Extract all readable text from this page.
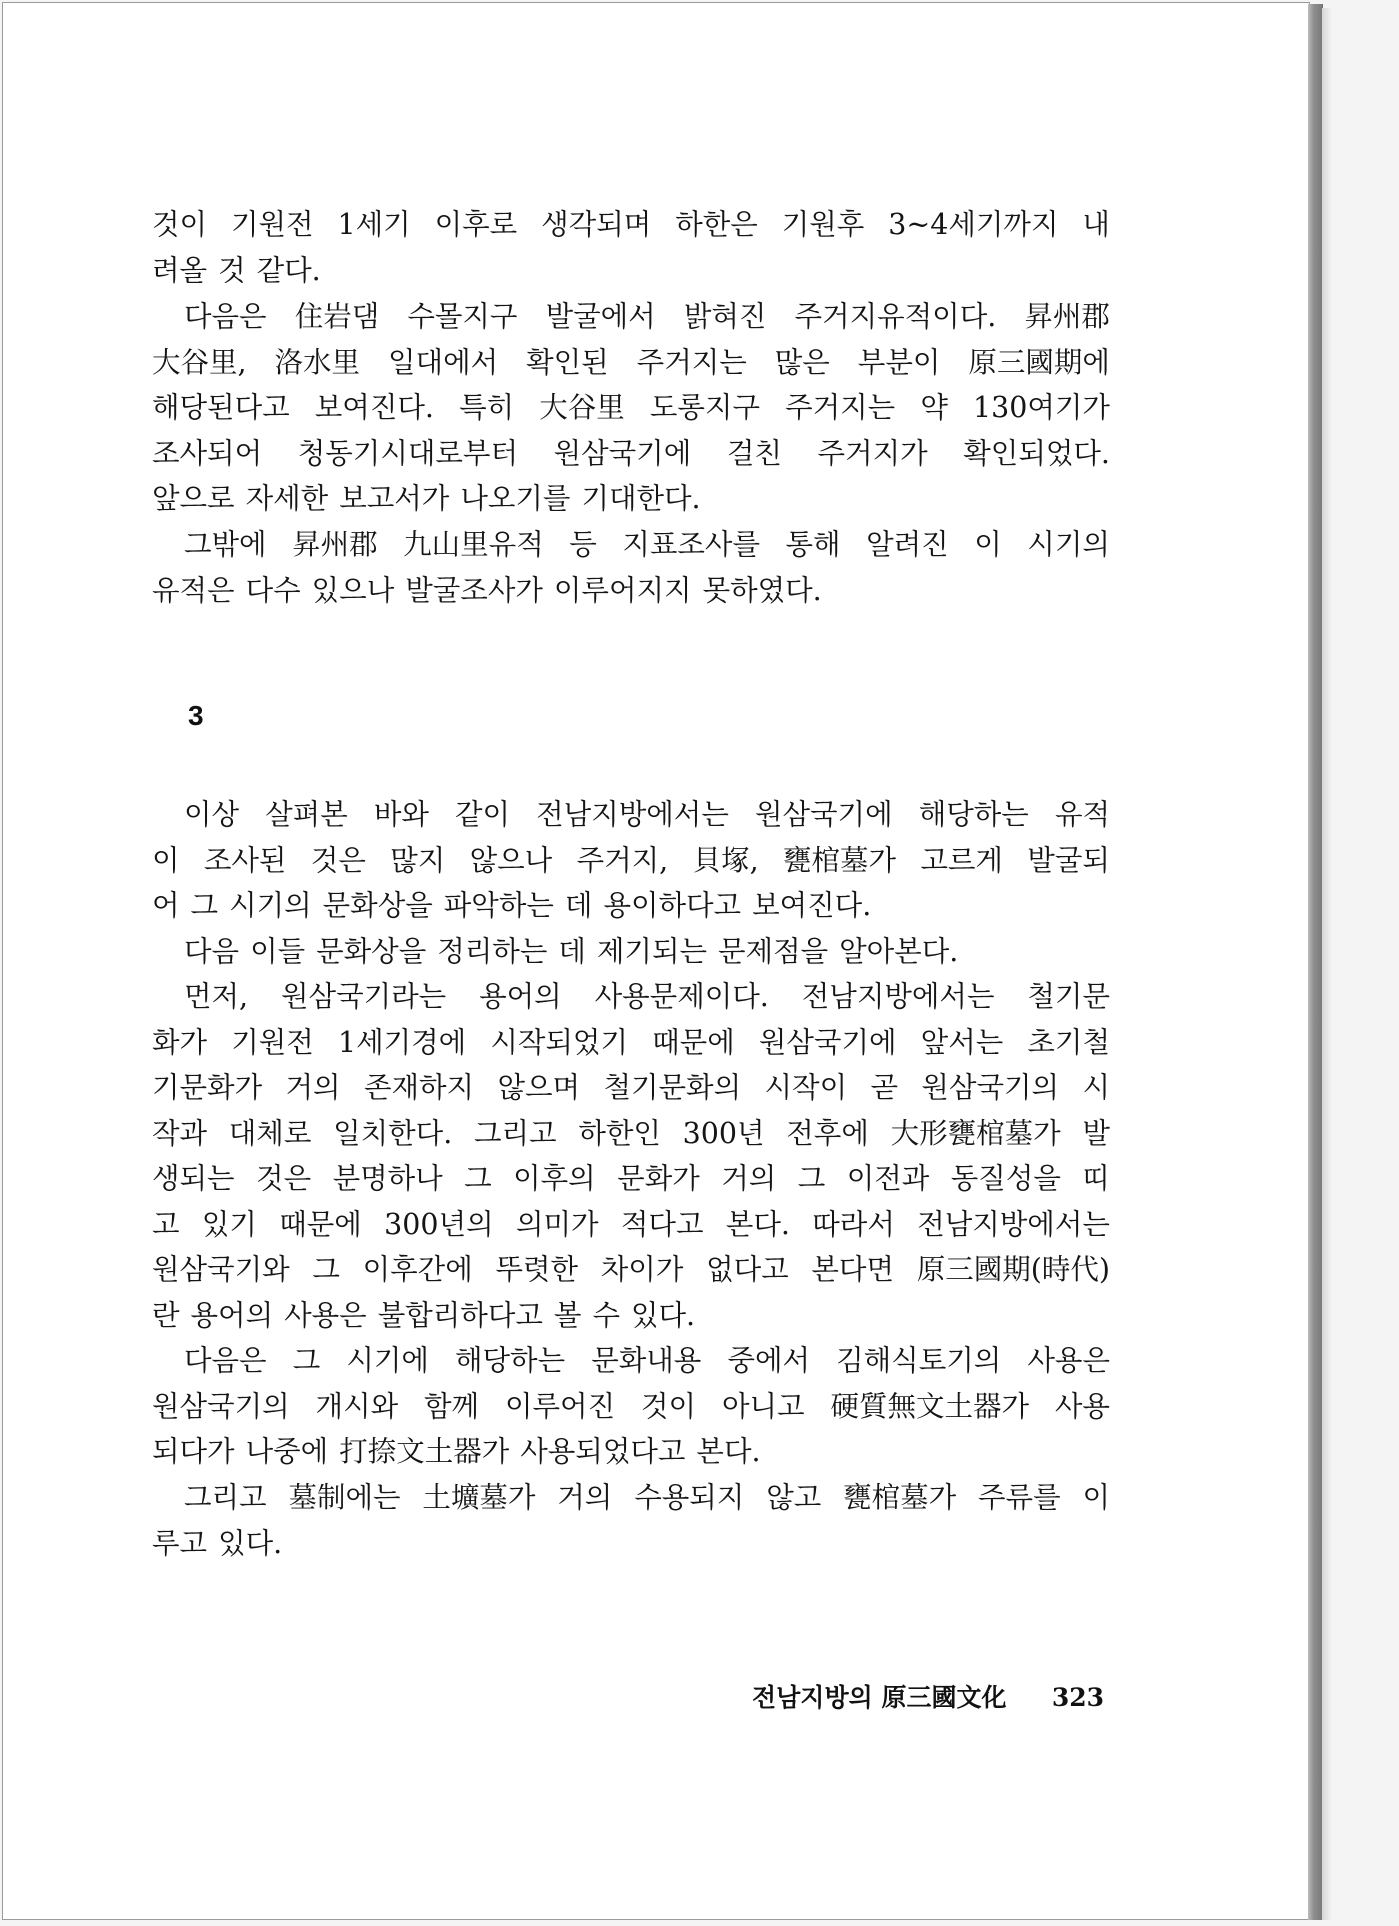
것이 기원전 1세기 이후로 생각되며 하한은 기원후 3~4세기까지 내
려올 것 같다.
다음은 住岩댐 수몰지구 발굴에서 밝혀진 주거지유적이다. 昇州郡
大谷里, 洛水里 일대에서 확인된 주거지는 많은 부분이 原三國期에
해당된다고 보여진다. 특히 大谷里 도롱지구 주거지는 약 130여기가
조사되어 청동기시대로부터 원삼국기에 걸친 주거지가 확인되었다.
앞으로 자세한 보고서가 나오기를 기대한다.
그밖에 昇州郡 九山里유적 등 지표조사를 통해 알려진 이 시기의
유적은 다수 있으나 발굴조사가 이루어지지 못하였다.
3
이상 살펴본 바와 같이 전남지방에서는 원삼국기에 해당하는 유적
이 조사된 것은 많지 않으나 주거지, 貝塚, 甕棺墓가 고르게 발굴되
어 그 시기의 문화상을 파악하는 데 용이하다고 보여진다.
다음 이들 문화상을 정리하는 데 제기되는 문제점을 알아본다.
먼저, 원삼국기라는 용어의 사용문제이다. 전남지방에서는 철기문
화가 기원전 1세기경에 시작되었기 때문에 원삼국기에 앞서는 초기철
기문화가 거의 존재하지 않으며 철기문화의 시작이 곧 원삼국기의 시
작과 대체로 일치한다. 그리고 하한인 300년 전후에 大形甕棺墓가 발
생되는 것은 분명하나 그 이후의 문화가 거의 그 이전과 동질성을 띠
고 있기 때문에 300년의 의미가 적다고 본다. 따라서 전남지방에서는
원삼국기와 그 이후간에 뚜렷한 차이가 없다고 본다면 原三國期(時代)
란 용어의 사용은 불합리하다고 볼 수 있다.
다음은 그 시기에 해당하는 문화내용 중에서 김해식토기의 사용은
원삼국기의 개시와 함께 이루어진 것이 아니고 硬質無文土器가 사용
되다가 나중에 打捺文土器가 사용되었다고 본다.
그리고 墓制에는 土壙墓가 거의 수용되지 않고 甕棺墓가 주류를 이
루고 있다.
전남지방의 原三國文化 323
